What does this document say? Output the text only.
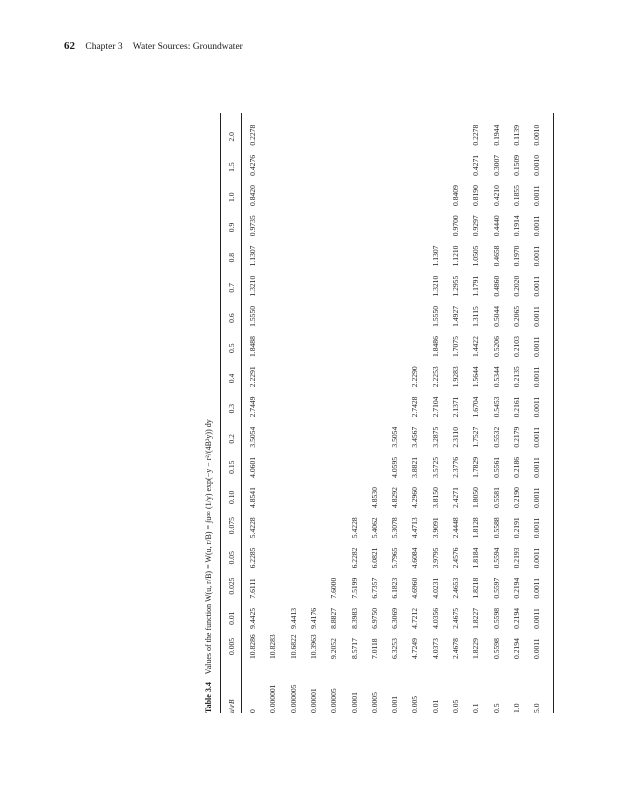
62 Chapter 3 Water Sources: Groundwater
Table 3.4 Values of the function W(u, r/B) = W(u, r/B) = ∫u∞ (1/y) exp(−y − r²/(4B²y)) dy
u\rB
0.005
0.01
0.025
0.05
0.075
0.10
0.15
0.2
0.3
0.4
0.5
0.6
0.7
0.8
0.9
1.0
1.5
2.0
0
10.8286
9.4425
7.6111
6.2285
5.4228
4.8541
4.0601
3.5054
2.7449
2.2291
1.8488
1.5550
1.3210
1.1307
0.9735
0.8420
0.4276
0.2278
0.000001
10.8283
0.000005
10.6822
9.4413
0.00001
10.3963
9.4176
0.00005
9.2052
8.8827
7.6000
0.0001
8.5717
8.3983
7.5199
6.2282
5.4228
0.0005
7.0118
6.9750
6.7357
6.0821
5.4062
4.8530
0.001
6.3253
6.3069
6.1823
5.7965
5.3078
4.8292
4.0595
3.5054
0.005
4.7249
4.7212
4.6960
4.6084
4.4713
4.2960
3.8821
3.4567
2.7428
2.2290
0.01
4.0373
4.0356
4.0231
3.9795
3.9091
3.8150
3.5725
3.2875
2.7104
2.2253
1.8486
1.5550
1.3210
1.1307
0.05
2.4678
2.4675
2.4653
2.4576
2.4448
2.4271
2.3776
2.3110
2.1371
1.9283
1.7075
1.4927
1.2955
1.1210
0.9700
0.8409
0.1
1.8229
1.8227
1.8218
1.8184
1.8128
1.8050
1.7829
1.7527
1.6704
1.5644
1.4422
1.3115
1.1791
1.0505
0.9297
0.8190
0.4271
0.2278
0.5
0.5598
0.5598
0.5597
0.5594
0.5588
0.5581
0.5561
0.5532
0.5453
0.5344
0.5206
0.5044
0.4860
0.4658
0.4440
0.4210
0.3007
0.1944
1.0
0.2194
0.2194
0.2194
0.2193
0.2191
0.2190
0.2186
0.2179
0.2161
0.2135
0.2103
0.2065
0.2020
0.1970
0.1914
0.1855
0.1509
0.1139
5.0
0.0011
0.0011
0.0011
0.0011
0.0011
0.0011
0.0011
0.0011
0.0011
0.0011
0.0011
0.0011
0.0011
0.0011
0.0011
0.0011
0.0010
0.0010
